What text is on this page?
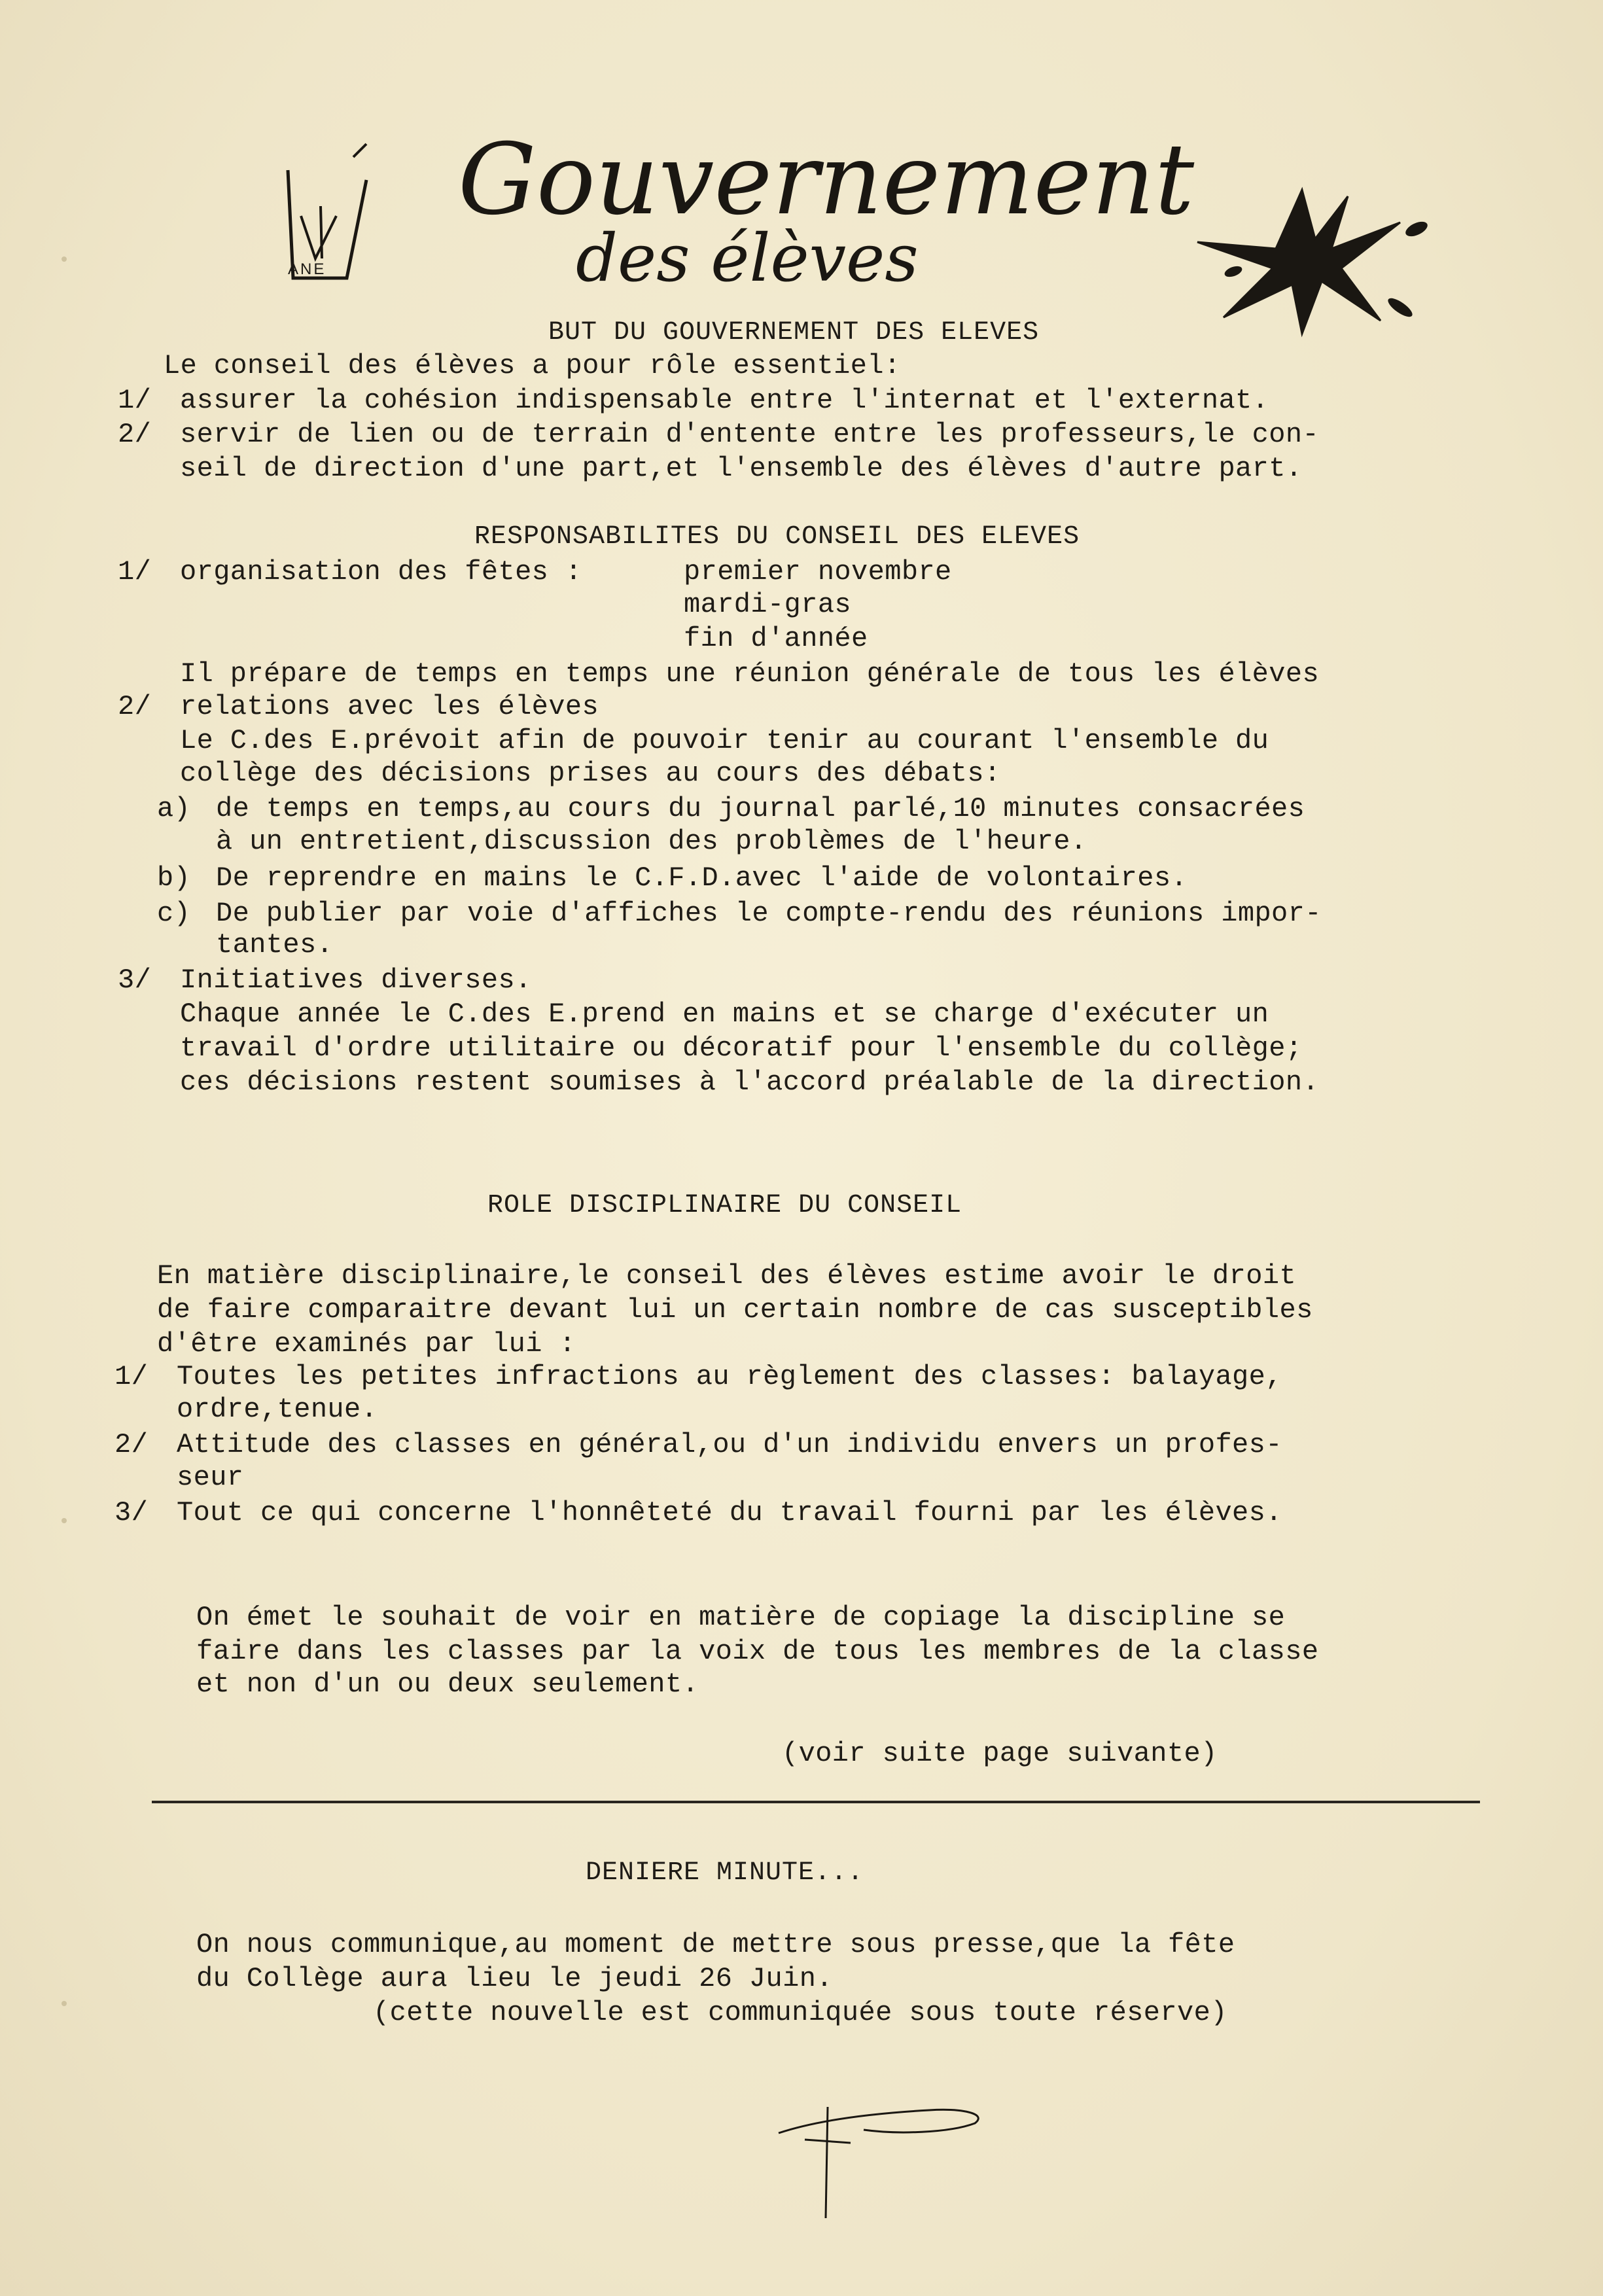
ANE
Gouvernement
des élèves
BUT DU GOUVERNEMENT DES ELEVES
Le conseil des élèves a pour rôle essentiel:
1/ assurer la cohésion indispensable entre l'internat et l'externat.
2/ servir de lien ou de terrain d'entente entre les professeurs,le con-
seil de direction d'une part,et l'ensemble des élèves d'autre part.
RESPONSABILITES DU CONSEIL DES ELEVES
1/ organisation des fêtes :	premier novembre
mardi-gras
fin d'année
Il prépare de temps en temps une réunion générale de tous les élèves
2/ relations avec les élèves
Le C.des E.prévoit afin de pouvoir tenir au courant l'ensemble du
collège des décisions prises au cours des débats:
a) de temps en temps,au cours du journal parlé,10 minutes consacrées
à un entretient,discussion des problèmes de l'heure.
b) De reprendre en mains le C.F.D.avec l'aide de volontaires.
c) De publier par voie d'affiches le compte-rendu des réunions impor-
tantes.
3/ Initiatives diverses.
Chaque année le C.des E.prend en mains et se charge d'exécuter un
travail d'ordre utilitaire ou décoratif pour l'ensemble du collège;
ces décisions restent soumises à l'accord préalable de la direction.
ROLE DISCIPLINAIRE DU CONSEIL
En matière disciplinaire,le conseil des élèves estime avoir le droit
de faire comparaitre devant lui un certain nombre de cas susceptibles
d'être examinés par lui :
1/ Toutes les petites infractions au règlement des classes: balayage,
ordre,tenue.
2/ Attitude des classes en général,ou d'un individu envers un profes-
seur
3/ Tout ce qui concerne l'honnêteté du travail fourni par les élèves.
On émet le souhait de voir en matière de copiage la discipline se
faire dans les classes par la voix de tous les membres de la classe
et non d'un ou deux seulement.
(voir suite page suivante)
DENIERE MINUTE...
On nous communique,au moment de mettre sous presse,que la fête
du Collège aura lieu le jeudi 26 Juin.
(cette nouvelle est communiquée sous toute réserve)
